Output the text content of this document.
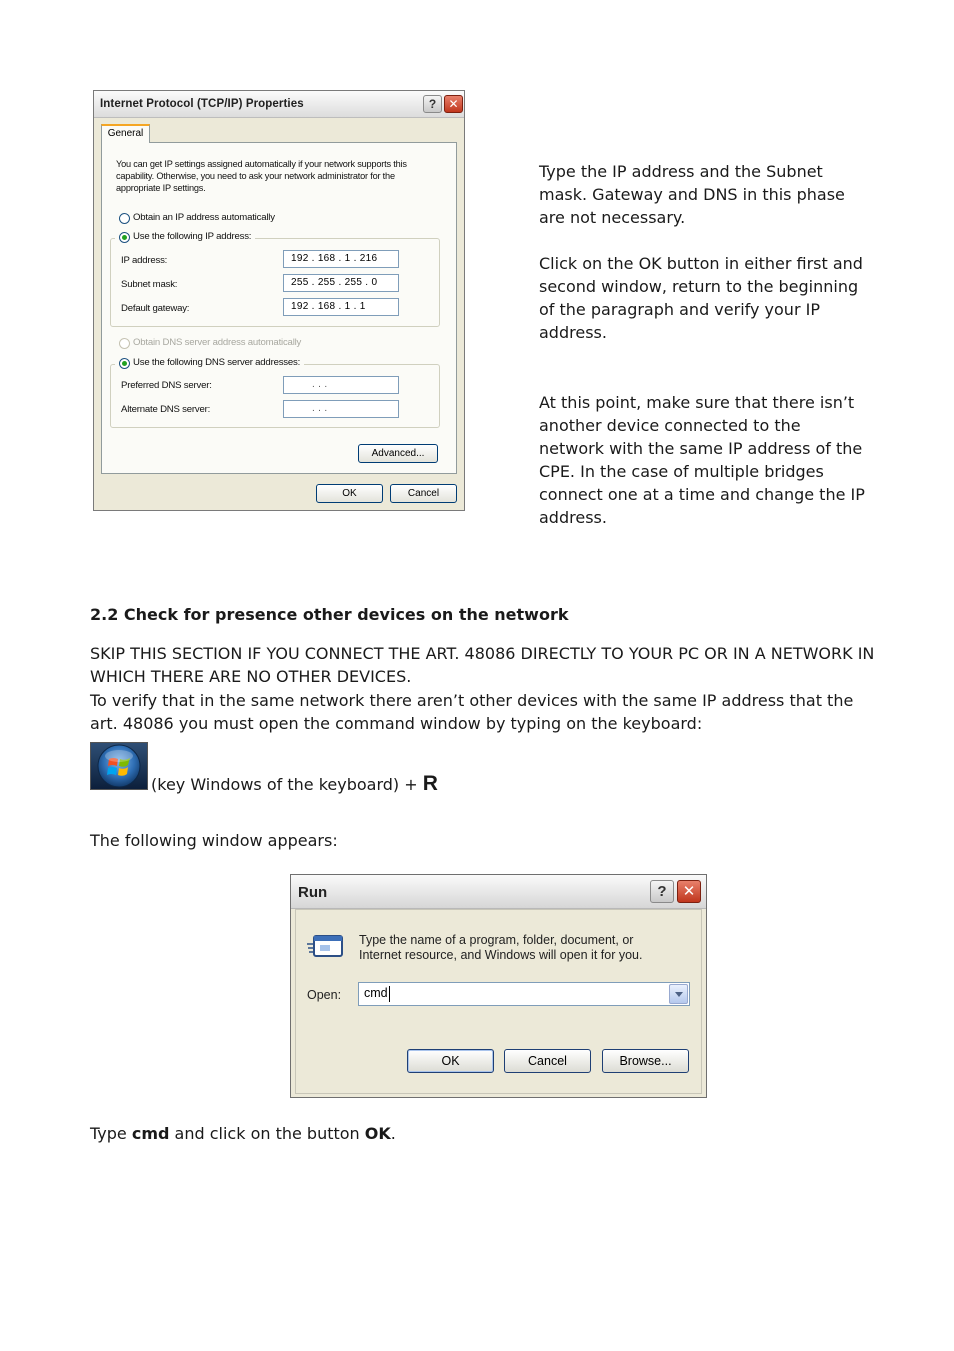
Internet Protocol (TCP/IP) Properties	?	✕
General
You can get IP settings assigned automatically if your network supports this capability. Otherwise, you need to ask your network administrator for the appropriate IP settings.
Obtain an IP address automatically
Use the following IP address:
IP address:	192 . 168 . 1 . 216
Subnet mask:	255 . 255 . 255 . 0
Default gateway:	192 . 168 . 1 . 1
Obtain DNS server address automatically
Use the following DNS server addresses:
Preferred DNS server:	. . .
Alternate DNS server:	. . .
Advanced...
OK	Cancel
Type the IP address and the Subnet mask. Gateway and DNS in this phase are not necessary.
Click on the OK button in either first and second window, return to the beginning of the paragraph and verify your IP address.
At this point, make sure that there isn’t another device connected to the network with the same IP address of the CPE. In the case of multiple bridges connect one at a time and change the IP address.
2.2 Check for presence other devices on the network
SKIP THIS SECTION IF YOU CONNECT THE ART. 48086 DIRECTLY TO YOUR PC OR IN A NETWORK IN WHICH THERE ARE NO OTHER DEVICES.
To verify that in the same network there aren’t other devices with the same IP address that the art. 48086 you must open the command window by typing on the keyboard:
(key Windows of the keyboard) + R
The following window appears:
Run	?	✕
Type the name of a program, folder, document, or Internet resource, and Windows will open it for you.
Open: cmd
OK	Cancel	Browse...
Type cmd and click on the button OK.
